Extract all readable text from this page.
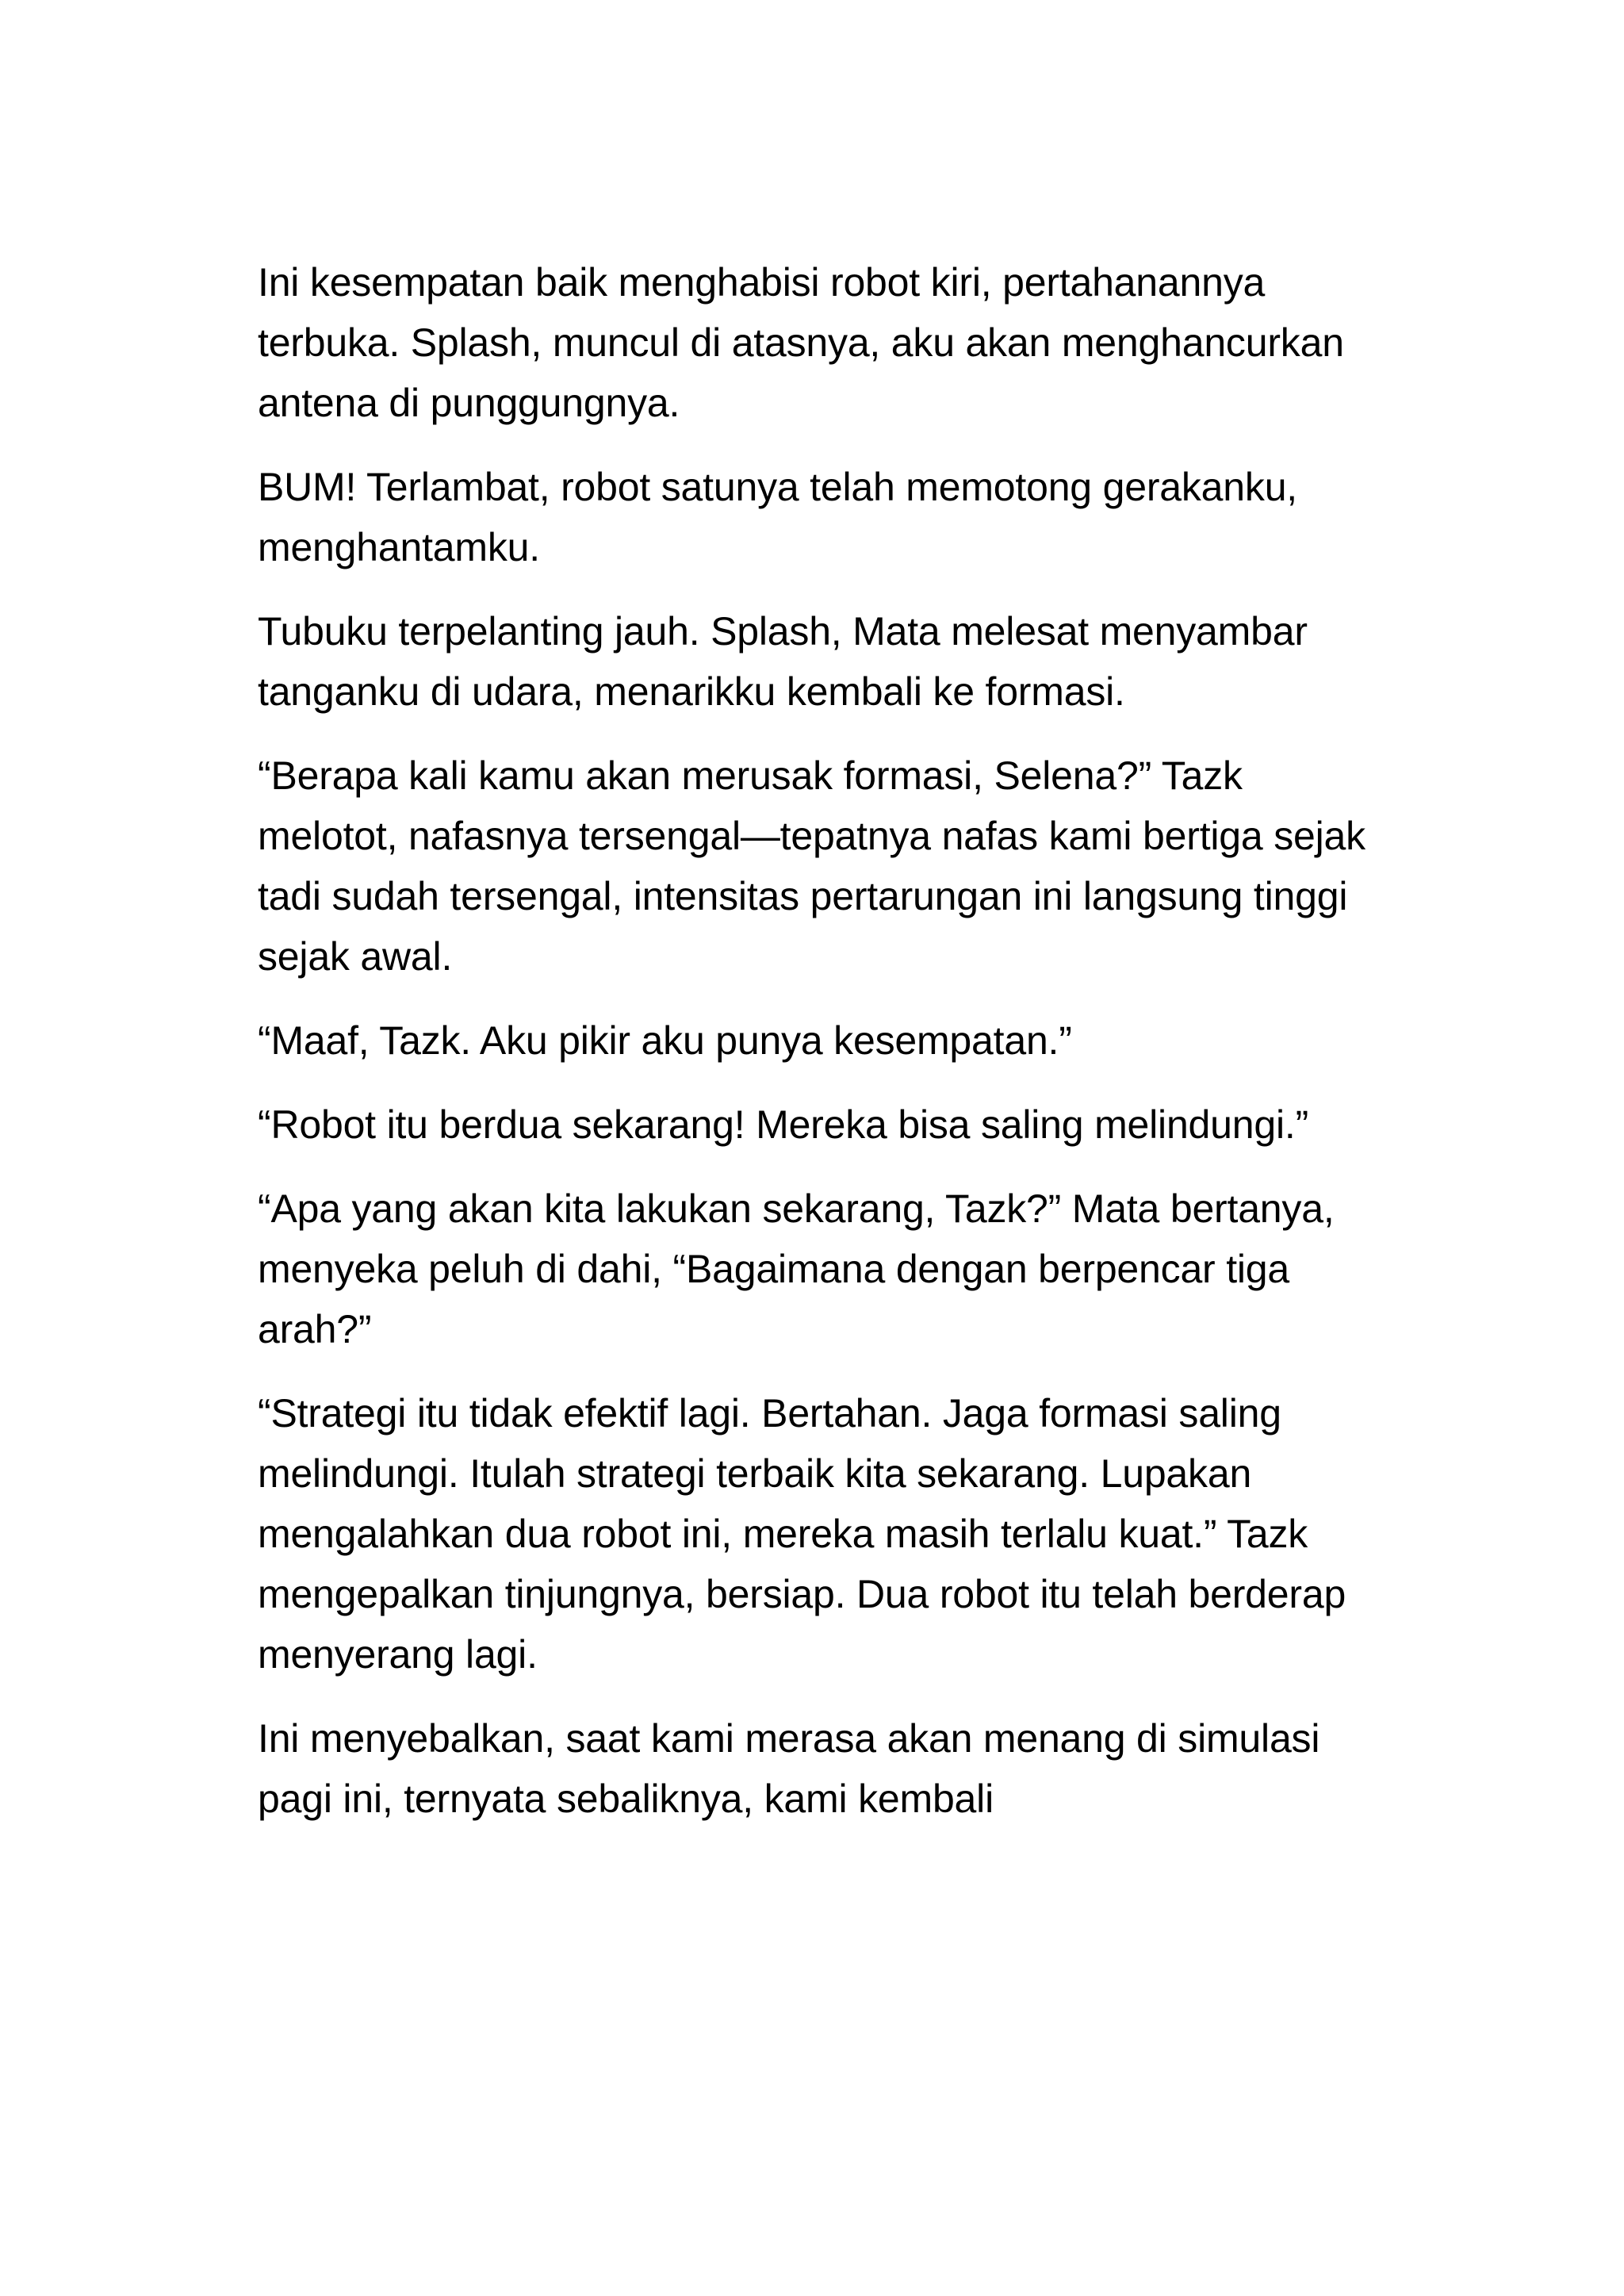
Ini kesempatan baik menghabisi robot kiri, pertahanannya terbuka. Splash, muncul di atasnya, aku akan menghancurkan antena di punggungnya.

BUM! Terlambat, robot satunya telah memotong gerakanku, menghantamku.

Tubuku terpelanting jauh. Splash, Mata melesat menyambar tanganku di udara, menarikku kembali ke formasi.

“Berapa kali kamu akan merusak formasi, Selena?” Tazk melotot, nafasnya tersengal—tepatnya nafas kami bertiga sejak tadi sudah tersengal, intensitas pertarungan ini langsung tinggi sejak awal.

“Maaf, Tazk. Aku pikir aku punya kesempatan.”

“Robot itu berdua sekarang! Mereka bisa saling melindungi.”

“Apa yang akan kita lakukan sekarang, Tazk?” Mata bertanya, menyeka peluh di dahi, “Bagaimana dengan berpencar tiga arah?”

“Strategi itu tidak efektif lagi. Bertahan. Jaga formasi saling melindungi. Itulah strategi terbaik kita sekarang. Lupakan mengalahkan dua robot ini, mereka masih terlalu kuat.” Tazk mengepalkan tinjungnya, bersiap. Dua robot itu telah berderap menyerang lagi.

Ini menyebalkan, saat kami merasa akan menang di simulasi pagi ini, ternyata sebaliknya, kami kembali
